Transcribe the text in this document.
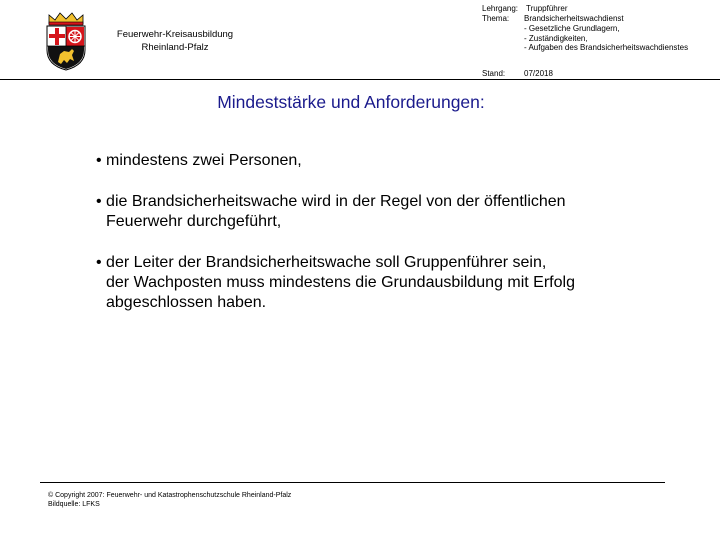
Feuerwehr-Kreisausbildung
Rheinland-Pfalz
Lehrgang: Truppführer
Thema: Brandsicherheitswachdienst
- Gesetzliche Grundlagern,
- Zuständigkeiten,
- Aufgaben des Brandsicherheitswachdienstes
Stand: 07/2018
Mindeststärke und Anforderungen:
• mindestens zwei Personen,
• die Brandsicherheitswache wird in der Regel von der öffentlichen
Feuerwehr durchgeführt,
• der Leiter der Brandsicherheitswache soll Gruppenführer sein,
der Wachposten muss mindestens die Grundausbildung mit Erfolg
abgeschlossen haben.
© Copyright 2007: Feuerwehr- und Katastrophenschutzschule Rheinland-Pfalz
Bildquelle: LFKS
